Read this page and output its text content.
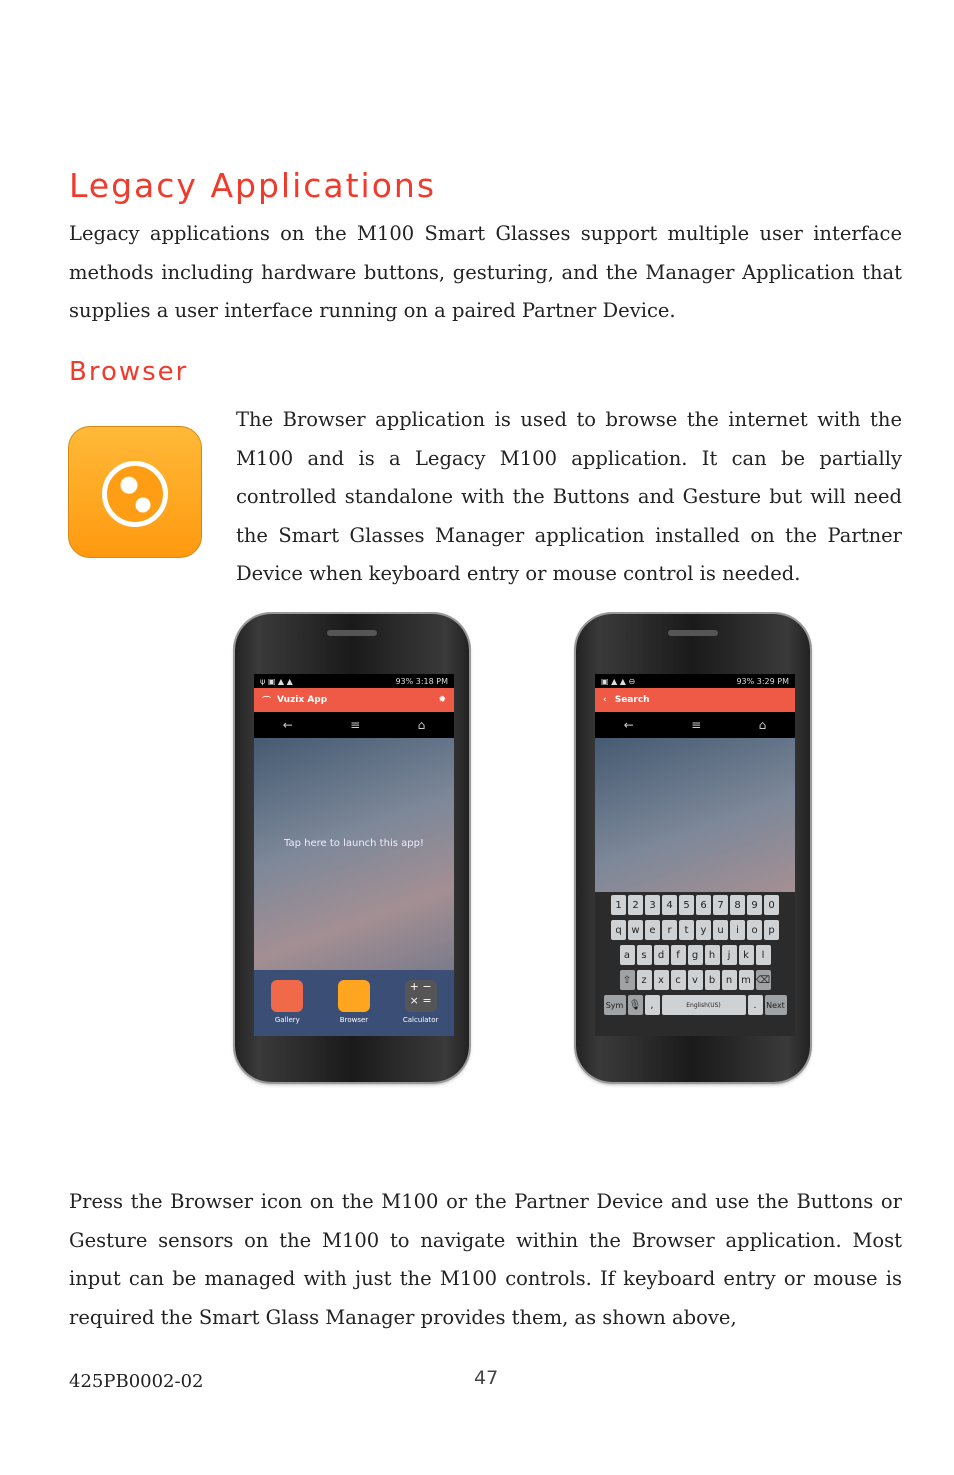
Legacy Applications

Legacy applications on the M100 Smart Glasses support multiple user interface methods including hardware buttons, gesturing, and the Manager Application that supplies a user interface running on a paired Partner Device.

Browser

The Browser application is used to browse the internet with the M100 and is a Legacy M100 application. It can be partially controlled standalone with the Buttons and Gesture but will need the Smart Glasses Manager application installed on the Partner Device when keyboard entry or mouse control is needed.

ψ ▣ ▲ ▲	93% 3:18 PM
⌒ Vuzix App	✹
←	≡	⌂
Tap here to launch this app!
Gallery	Browser
+ −
× =
Calculator
▣ ▲ ▲ ⊖	93% 3:29 PM
‹ Search
←	≡	⌂
1	2	3	4	5	6	7	8	9	0
q w e	r	t	y	u	i	o	p
a	s	d	f	g	h	j	k	l
⇧	z	x	c	v	b	n m ⌫
Sym 🎙 ,	English(US)	.	Next

Press the Browser icon on the M100 or the Partner Device and use the Buttons or Gesture sensors on the M100 to navigate within the Browser application. Most input can be managed with just the M100 controls. If keyboard entry or mouse is required the Smart Glass Manager provides them, as shown above,

425PB0002-02	47
